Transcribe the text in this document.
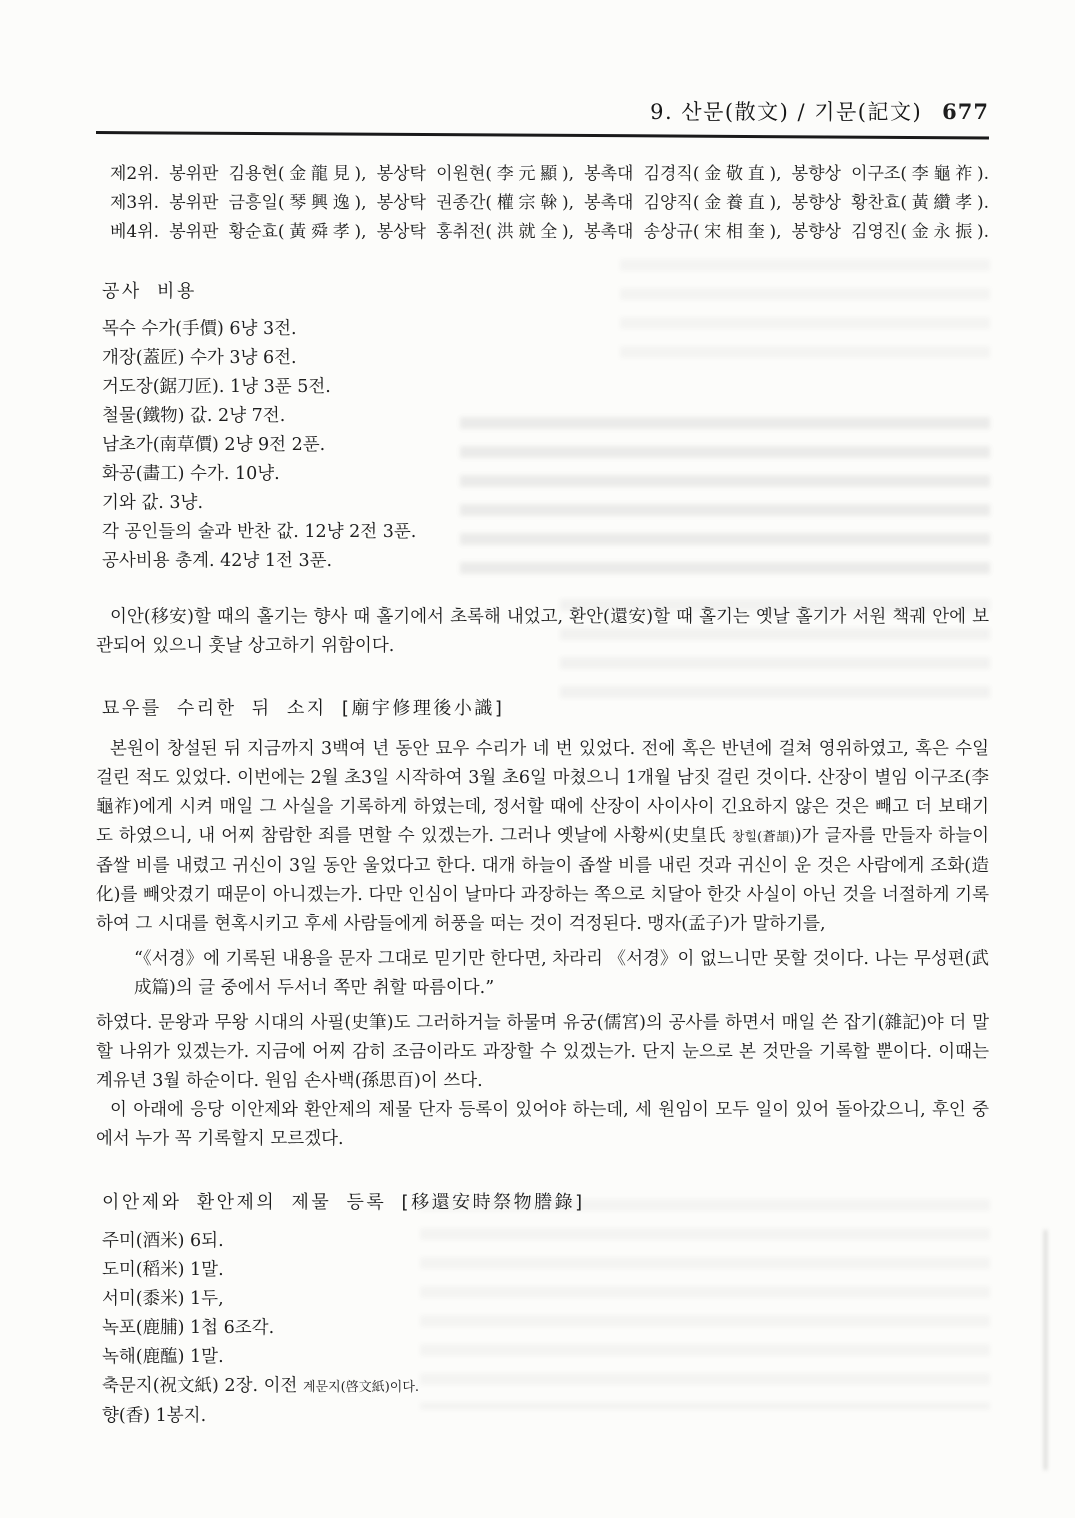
9. 산문(散文) / 기문(記文) 677

제2위. 봉위판 김용현(金龍見), 봉상탁 이원현(李元顯), 봉촉대 김경직(金敬直), 봉향상 이구조(李龜祚).

제3위. 봉위판 금흥일(琴興逸), 봉상탁 권종간(權宗榦), 봉촉대 김양직(金養直), 봉향상 황찬효(黃纘孝).

베4위. 봉위판 황순효(黃舜孝), 봉상탁 홍취전(洪就全), 봉촉대 송상규(宋相奎), 봉향상 김영진(金永振).

공사 비용
목수 수가(手價) 6냥 3전.
개장(蓋匠) 수가 3냥 6전.
거도장(鋸刀匠). 1냥 3푼 5전.
철물(鐵物) 값. 2냥 7전.
남초가(南草價) 2냥 9전 2푼.
화공(畵工) 수가. 10냥.
기와 값. 3냥.
각 공인들의 술과 반찬 값. 12냥 2전 3푼.
공사비용 총계. 42냥 1전 3푼.

이안(移安)할 때의 홀기는 향사 때 홀기에서 초록해 내었고, 환안(還安)할 때 홀기는 옛날 홀기가 서원 책궤 안에 보관되어 있으니 훗날 상고하기 위함이다.

묘우를 수리한 뒤 소지 [廟宇修理後小識]

본원이 창설된 뒤 지금까지 3백여 년 동안 묘우 수리가 네 번 있었다. 전에 혹은 반년에 걸쳐 영위하였고, 혹은 수일 걸린 적도 있었다. 이번에는 2월 초3일 시작하여 3월 초6일 마쳤으니 1개월 남짓 걸린 것이다. 산장이 별임 이구조(李龜祚)에게 시켜 매일 그 사실을 기록하게 하였는데, 정서할 때에 산장이 사이사이 긴요하지 않은 것은 빼고 더 보태기도 하였으니, 내 어찌 참람한 죄를 면할 수 있겠는가. 그러나 옛날에 사황씨(史皇氏 창힐(蒼頡))가 글자를 만들자 하늘이 좁쌀 비를 내렸고 귀신이 3일 동안 울었다고 한다. 대개 하늘이 좁쌀 비를 내린 것과 귀신이 운 것은 사람에게 조화(造化)를 빼앗겼기 때문이 아니겠는가. 다만 인심이 날마다 과장하는 쪽으로 치달아 한갓 사실이 아닌 것을 너절하게 기록하여 그 시대를 현혹시키고 후세 사람들에게 허풍을 떠는 것이 걱정된다. 맹자(孟子)가 말하기를,

“《서경》에 기록된 내용을 문자 그대로 믿기만 한다면, 차라리 《서경》이 없느니만 못할 것이다. 나는 무성편(武成篇)의 글 중에서 두서너 쪽만 취할 따름이다.”

하였다. 문왕과 무왕 시대의 사필(史筆)도 그러하거늘 하물며 유궁(儒宮)의 공사를 하면서 매일 쓴 잡기(雜記)야 더 말할 나위가 있겠는가. 지금에 어찌 감히 조금이라도 과장할 수 있겠는가. 단지 눈으로 본 것만을 기록할 뿐이다. 이때는 계유년 3월 하순이다. 원임 손사백(孫思百)이 쓰다.

이 아래에 응당 이안제와 환안제의 제물 단자 등록이 있어야 하는데, 세 원임이 모두 일이 있어 돌아갔으니, 후인 중에서 누가 꼭 기록할지 모르겠다.

이안제와 환안제의 제물 등록 [移還安時祭物謄錄]
주미(酒米) 6되.
도미(稻米) 1말.
서미(黍米) 1두,
녹포(鹿脯) 1첩 6조각.
녹해(鹿醢) 1말.
축문지(祝文紙) 2장. 이전 계문지(啓文紙)이다.
향(香) 1봉지.
